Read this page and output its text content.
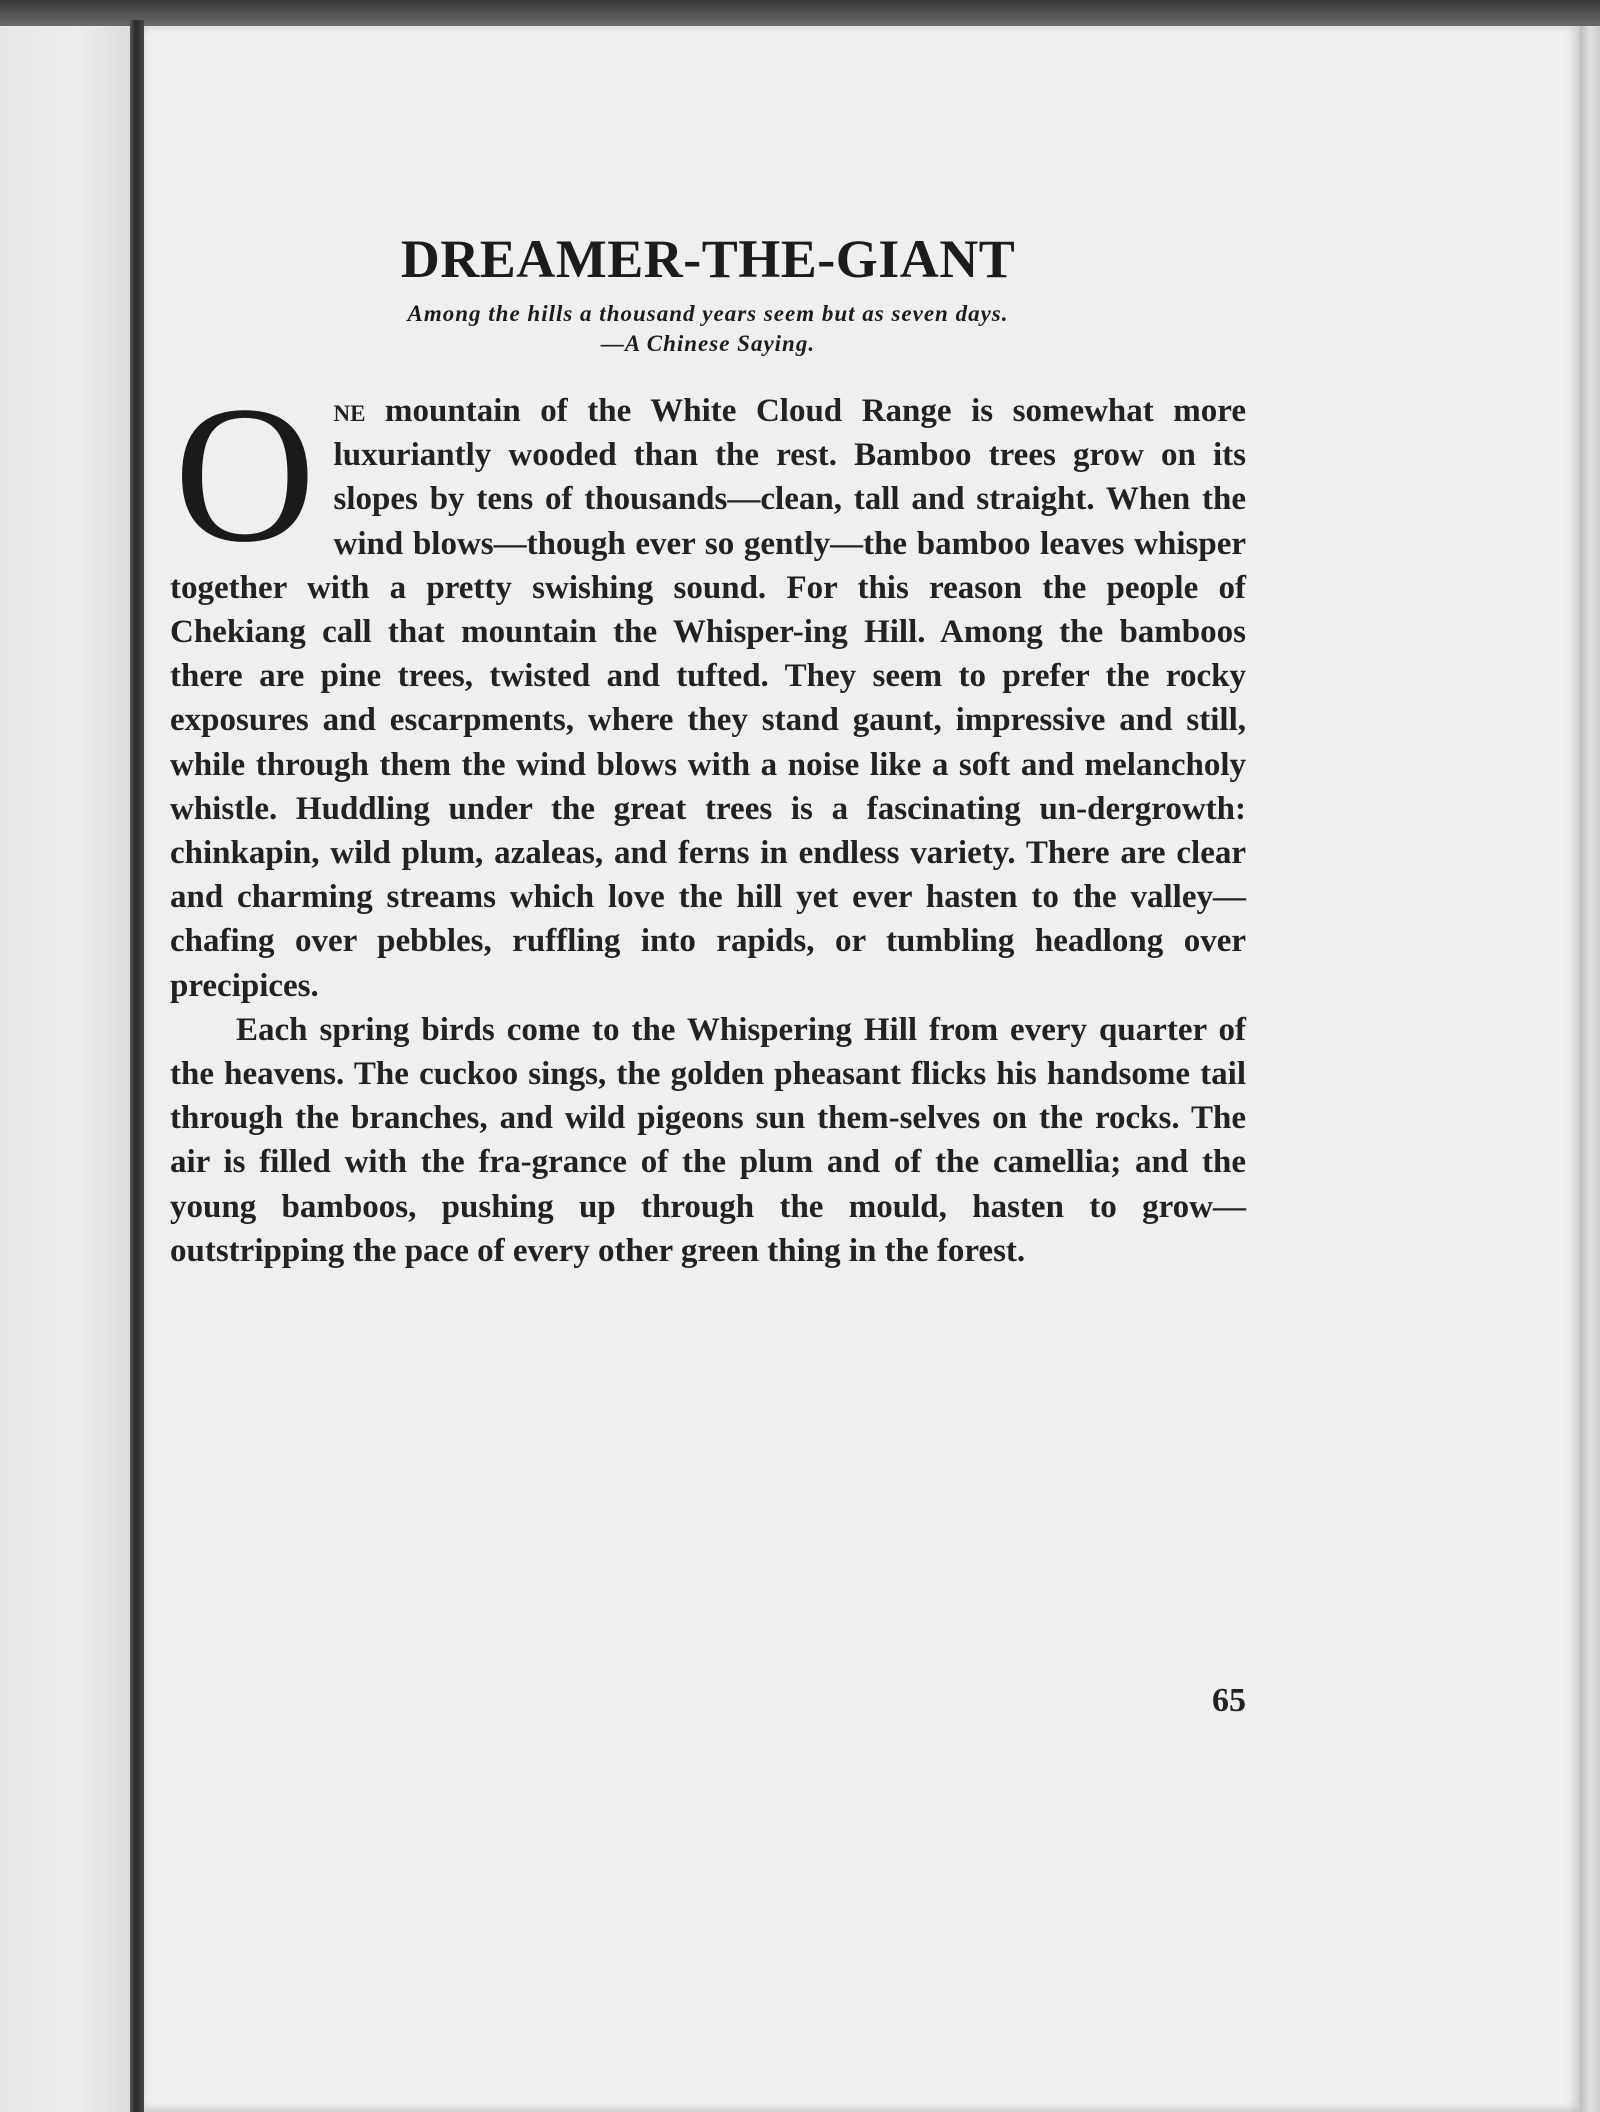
DREAMER-THE-GIANT
Among the hills a thousand years seem but as seven days.
—A Chinese Saying.

One mountain of the White Cloud Range is somewhat more luxuriantly wooded than the rest. Bamboo trees grow on its slopes by tens of thousands—clean, tall and straight. When the wind blows—though ever so gently—the bamboo leaves whisper together with a pretty swishing sound. For this reason the people of Chekiang call that mountain the Whisper-ing Hill. Among the bamboos there are pine trees, twisted and tufted. They seem to prefer the rocky exposures and escarpments, where they stand gaunt, impressive and still, while through them the wind blows with a noise like a soft and melancholy whistle. Huddling under the great trees is a fascinating un-dergrowth: chinkapin, wild plum, azaleas, and ferns in endless variety. There are clear and charming streams which love the hill yet ever hasten to the valley—chafing over pebbles, ruffling into rapids, or tumbling headlong over precipices.

Each spring birds come to the Whispering Hill from every quarter of the heavens. The cuckoo sings, the golden pheasant flicks his handsome tail through the branches, and wild pigeons sun them-selves on the rocks. The air is filled with the fra-grance of the plum and of the camellia; and the young bamboos, pushing up through the mould, hasten to grow—outstripping the pace of every other green thing in the forest.

65
